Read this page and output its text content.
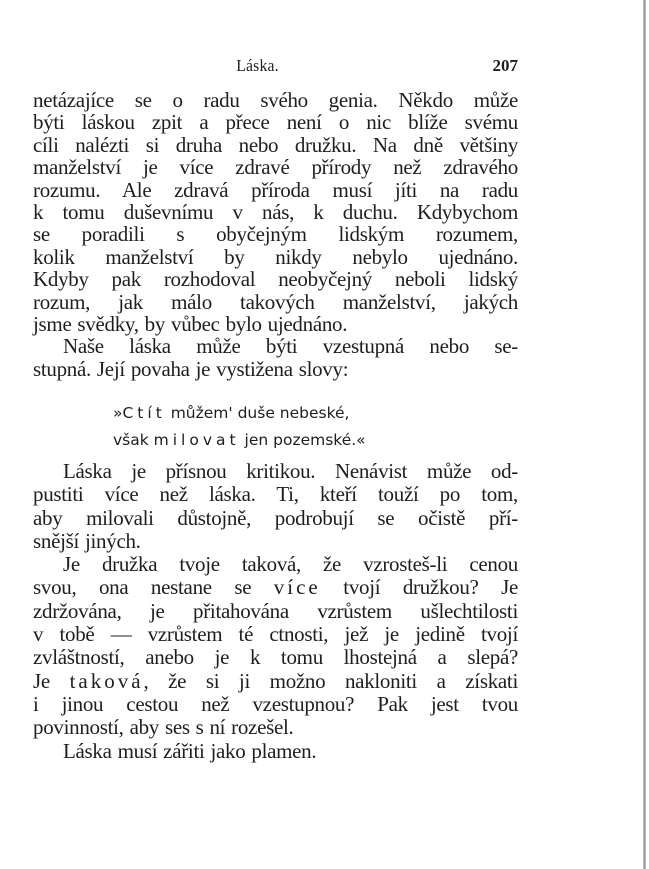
Láska.	207
netázajíce se o radu svého genia. Někdo může
býti láskou zpit a přece není o nic blíže svému
cíli nalézti si druha nebo družku. Na dně většiny
manželství je více zdravé přírody než zdravého
rozumu. Ale zdravá příroda musí jíti na radu
k tomu duševnímu v nás, k duchu. Kdybychom
se poradili s obyčejným lidským rozumem,
kolik manželství by nikdy nebylo ujednáno.
Kdyby pak rozhodoval neobyčejný neboli lidský
rozum, jak málo takových manželství, jakých
jsme svědky, by vůbec bylo ujednáno.
Naše láska může býti vzestupná nebo se-
stupná. Její povaha je vystižena slovy:
»Ctít můžem' duše nebeské,
však milovat jen pozemské.«
Láska je přísnou kritikou. Nenávist může od-
pustiti více než láska. Ti, kteří touží po tom,
aby milovali důstojně, podrobují se očistě pří-
snější jiných.
Je družka tvoje taková, že vzrosteš-li cenou
svou, ona nestane se více tvojí družkou? Je
zdržována, je přitahována vzrůstem ušlechtilosti
v tobě — vzrůstem té ctnosti, jež je jedině tvojí
zvláštností, anebo je k tomu lhostejná a slepá?
Je taková, že si ji možno nakloniti a získati
i jinou cestou než vzestupnou? Pak jest tvou
povinností, aby ses s ní rozešel.
Láska musí zářiti jako plamen.
